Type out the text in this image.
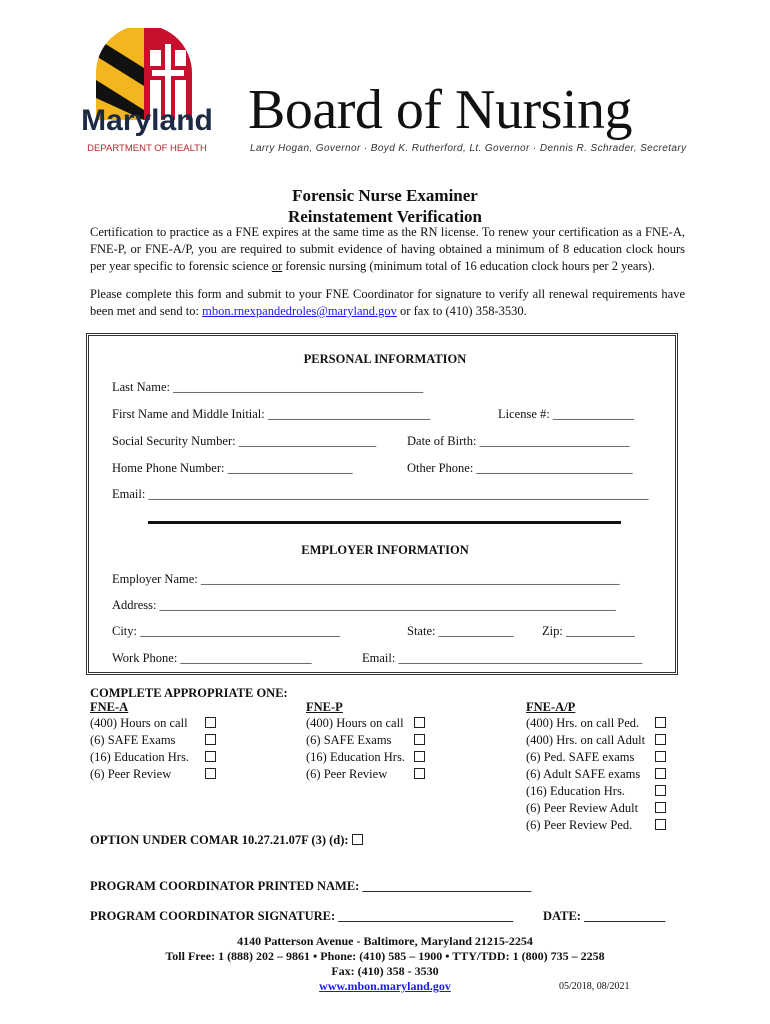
Maryland
DEPARTMENT OF HEALTH
Board of Nursing
Larry Hogan, Governor · Boyd K. Rutherford, Lt. Governor · Dennis R. Schrader, Secretary
Forensic Nurse Examiner
Reinstatement Verification
Certification to practice as a FNE expires at the same time as the RN license. To renew your certification as a FNE-A, FNE-P, or FNE-A/P, you are required to submit evidence of having obtained a minimum of 8 education clock hours per year specific to forensic science or forensic nursing (minimum total of 16 education clock hours per 2 years).
Please complete this form and submit to your FNE Coordinator for signature to verify all renewal requirements have been met and send to: mbon.rnexpandedroles@maryland.gov or fax to (410) 358-3530.
PERSONAL INFORMATION
Last Name: ________________________________________
First Name and Middle Initial: __________________________	License #: _____________
Social Security Number: ______________________ Date of Birth: ________________________
Home Phone Number: ____________________	Other Phone: _________________________
Email: ________________________________________________________________________________
EMPLOYER INFORMATION
Employer Name: ___________________________________________________________________
Address: _________________________________________________________________________
City: ________________________________	State: ____________ Zip: ___________
Work Phone: _____________________	Email: _______________________________________
COMPLETE APPROPRIATE ONE:
FNE-A
(400) Hours on call
(6) SAFE Exams
(16) Education Hrs.
(6) Peer Review
FNE-P
(400) Hours on call
(6) SAFE Exams
(16) Education Hrs.
(6) Peer Review
FNE-A/P
(400) Hrs. on call Ped.
(400) Hrs. on call Adult
(6) Ped. SAFE exams
(6) Adult SAFE exams
(16) Education Hrs.
(6) Peer Review Adult
(6) Peer Review Ped.
OPTION UNDER COMAR 10.27.21.07F (3) (d):
PROGRAM COORDINATOR PRINTED NAME: ___________________________
PROGRAM COORDINATOR SIGNATURE: ____________________________ DATE: _____________
4140 Patterson Avenue - Baltimore, Maryland 21215-2254
Toll Free: 1 (888) 202 – 9861 • Phone: (410) 585 – 1900 • TTY/TDD: 1 (800) 735 – 2258
Fax: (410) 358 - 3530
www.mbon.maryland.gov	05/2018, 08/2021
